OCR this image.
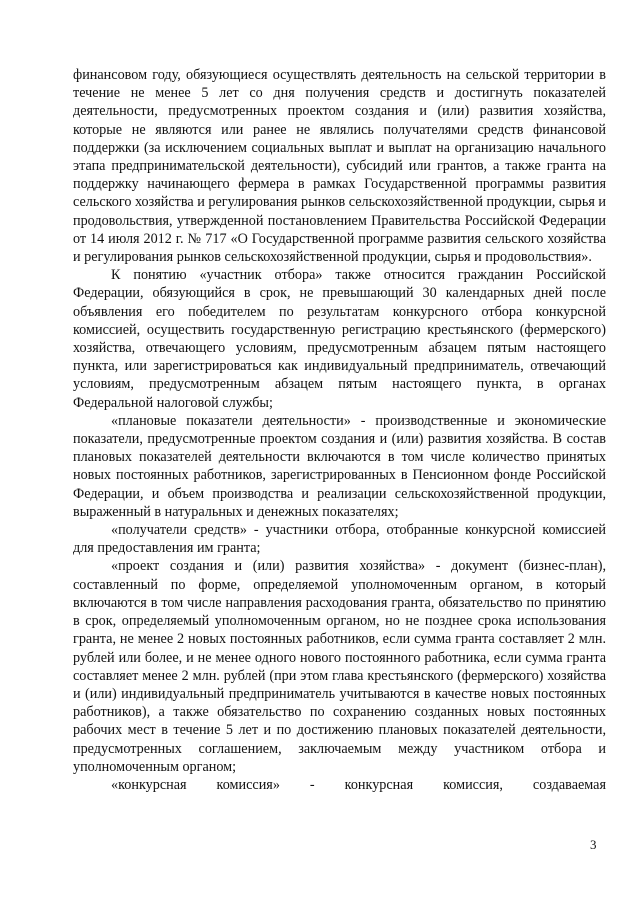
финансовом году, обязующиеся осуществлять деятельность на сельской территории в течение не менее 5 лет со дня получения средств и достигнуть показателей деятельности, предусмотренных проектом создания и (или) развития хозяйства, которые не являются или ранее не являлись получателями средств финансовой поддержки (за исключением социальных выплат и выплат на организацию начального этапа предпринимательской деятельности), субсидий или грантов, а также гранта на поддержку начинающего фермера в рамках Государственной программы развития сельского хозяйства и регулирования рынков сельскохозяйственной продукции, сырья и продовольствия, утвержденной постановлением Правительства Российской Федерации от 14 июля 2012 г. № 717 «О Государственной программе развития сельского хозяйства и регулирования рынков сельскохозяйственной продукции, сырья и продовольствия».

К понятию «участник отбора» также относится гражданин Российской Федерации, обязующийся в срок, не превышающий 30 календарных дней после объявления его победителем по результатам конкурсного отбора конкурсной комиссией, осуществить государственную регистрацию крестьянского (фермерского) хозяйства, отвечающего условиям, предусмотренным абзацем пятым настоящего пункта, или зарегистрироваться как индивидуальный предприниматель, отвечающий условиям, предусмотренным абзацем пятым настоящего пункта, в органах Федеральной налоговой службы;

«плановые показатели деятельности» - производственные и экономические показатели, предусмотренные проектом создания и (или) развития хозяйства. В состав плановых показателей деятельности включаются в том числе количество принятых новых постоянных работников, зарегистрированных в Пенсионном фонде Российской Федерации, и объем производства и реализации сельскохозяйственной продукции, выраженный в натуральных и денежных показателях;

«получатели средств» - участники отбора, отобранные конкурсной комиссией для предоставления им гранта;

«проект создания и (или) развития хозяйства» - документ (бизнес-план), составленный по форме, определяемой уполномоченным органом, в который включаются в том числе направления расходования гранта, обязательство по принятию в срок, определяемый уполномоченным органом, но не позднее срока использования гранта, не менее 2 новых постоянных работников, если сумма гранта составляет 2 млн. рублей или более, и не менее одного нового постоянного работника, если сумма гранта составляет менее 2 млн. рублей (при этом глава крестьянского (фермерского) хозяйства и (или) индивидуальный предприниматель учитываются в качестве новых постоянных работников), а также обязательство по сохранению созданных новых постоянных рабочих мест в течение 5 лет и по достижению плановых показателей деятельности, предусмотренных соглашением, заключаемым между участником отбора и уполномоченным органом;

«конкурсная комиссия» - конкурсная комиссия, создаваемая

3
